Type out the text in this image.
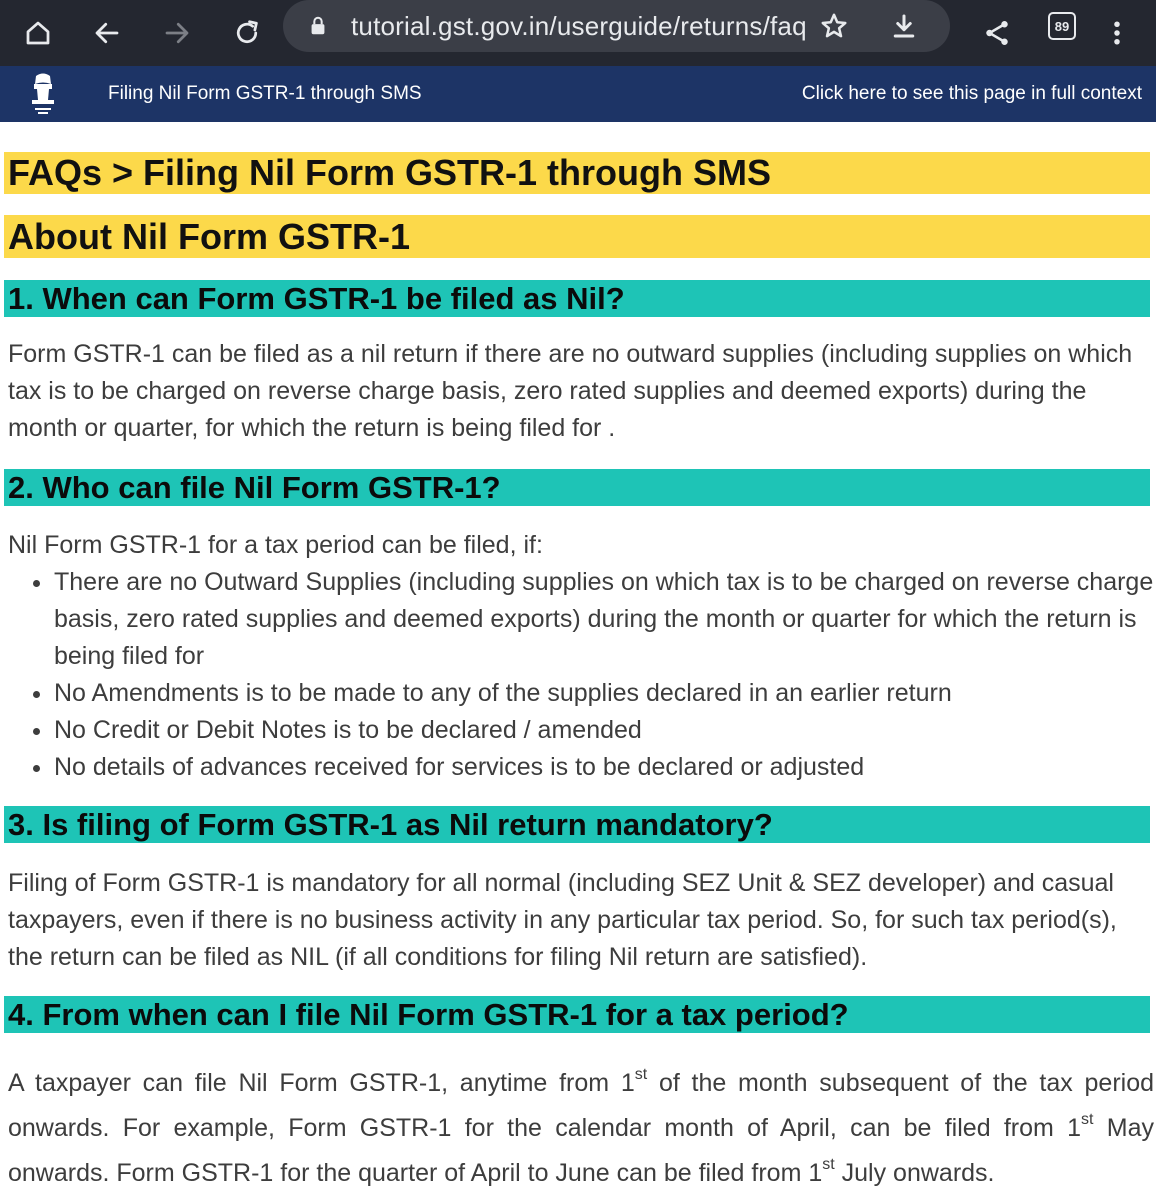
tutorial.gst.gov.in/userguide/returns/faq	89
Filing Nil Form GSTR-1 through SMS	Click here to see this page in full context
FAQs > Filing Nil Form GSTR-1 through SMS
About Nil Form GSTR-1
1. When can Form GSTR-1 be filed as Nil?
Form GSTR-1 can be filed as a nil return if there are no outward supplies (including supplies on which tax is to be charged on reverse charge basis, zero rated supplies and deemed exports) during the month or quarter, for which the return is being filed for .
2. Who can file Nil Form GSTR-1?
Nil Form GSTR-1 for a tax period can be filed, if:
• There are no Outward Supplies (including supplies on which tax is to be charged on reverse charge basis, zero rated supplies and deemed exports) during the month or quarter for which the return is being filed for
• No Amendments is to be made to any of the supplies declared in an earlier return
• No Credit or Debit Notes is to be declared / amended
• No details of advances received for services is to be declared or adjusted
3. Is filing of Form GSTR-1 as Nil return mandatory?
Filing of Form GSTR-1 is mandatory for all normal (including SEZ Unit & SEZ developer) and casual taxpayers, even if there is no business activity in any particular tax period. So, for such tax period(s), the return can be filed as NIL (if all conditions for filing Nil return are satisfied).
4. From when can I file Nil Form GSTR-1 for a tax period?
A taxpayer can file Nil Form GSTR-1, anytime from 1st of the month subsequent of the tax period onwards. For example, Form GSTR-1 for the calendar month of April, can be filed from 1st May onwards. Form GSTR-1 for the quarter of April to June can be filed from 1st July onwards.
